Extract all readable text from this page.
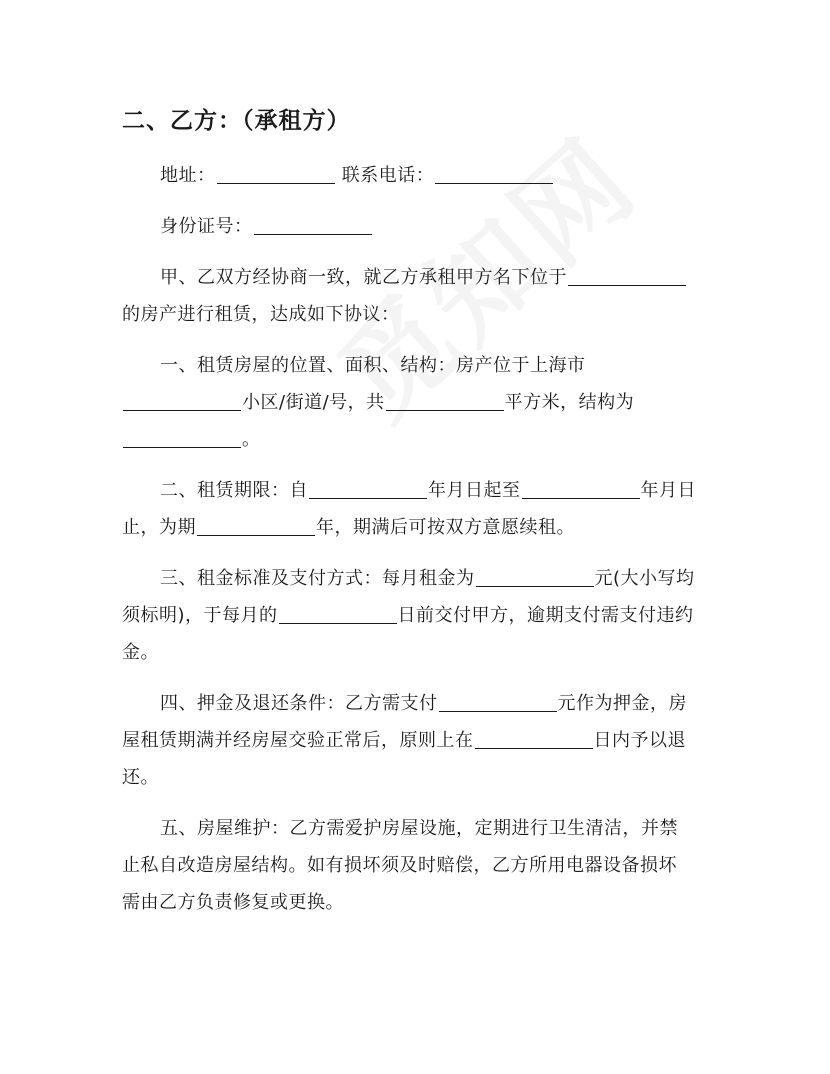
二、乙方：（承租方）
地址：	联系电话：
身份证号：
甲、乙双方经协商一致，就乙方承租甲方名下位于
的房产进行租赁，达成如下协议：
一、租赁房屋的位置、面积、结构：房产位于上海市
小区/街道/号，共	平方米，结构为
。
二、租赁期限：自	年月日起至	年月日
止，为期	年，期满后可按双方意愿续租。
三、租金标准及支付方式：每月租金为	元(大小写均
须标明)，于每月的	日前交付甲方，逾期支付需支付违约
金。
四、押金及退还条件：乙方需支付	元作为押金，房
屋租赁期满并经房屋交验正常后，原则上在	日内予以退
还。
五、房屋维护：乙方需爱护房屋设施，定期进行卫生清洁，并禁
止私自改造房屋结构。如有损坏须及时赔偿，乙方所用电器设备损坏
需由乙方负责修复或更换。
